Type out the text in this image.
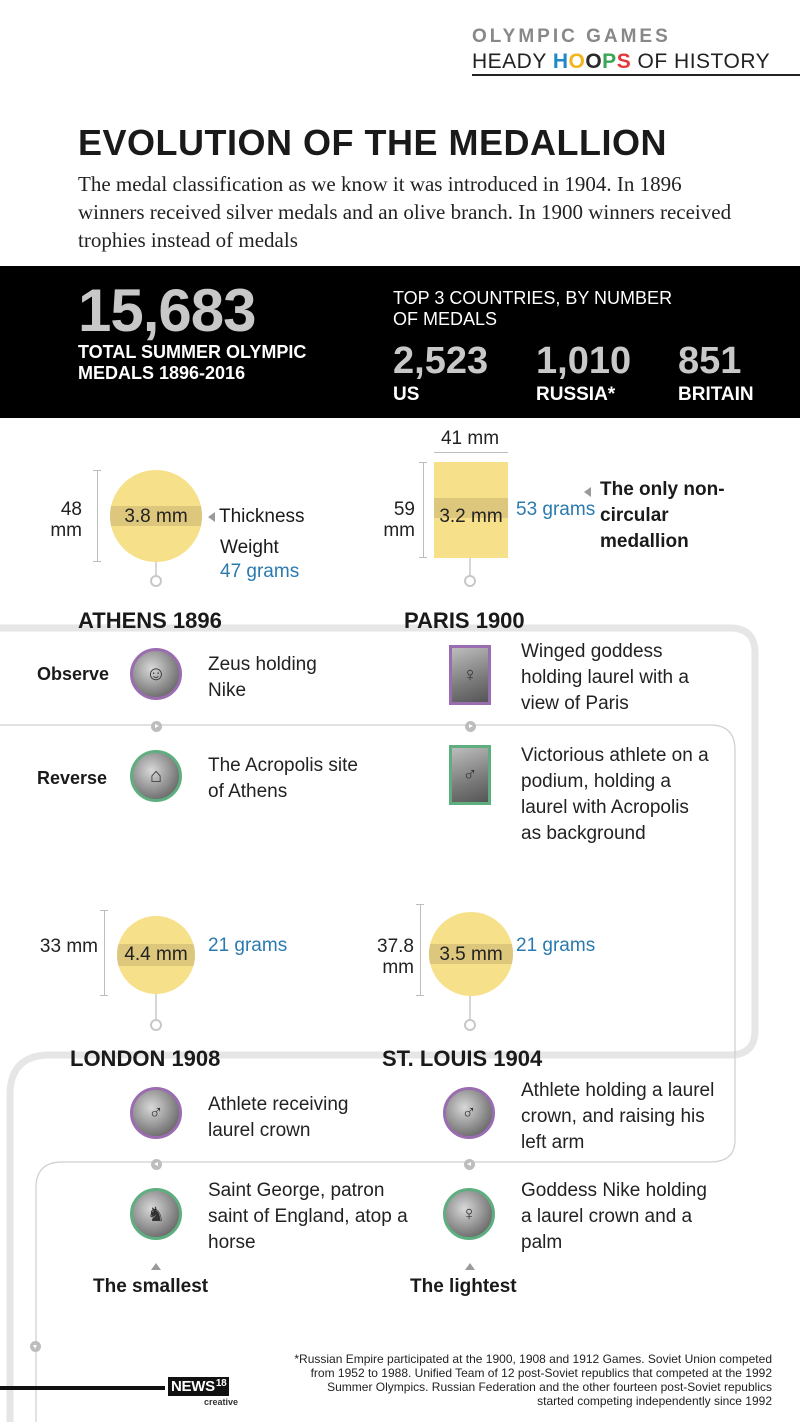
OLYMPIC GAMES
HEADY HOOPS OF HISTORY
EVOLUTION OF THE MEDALLION
The medal classification as we know it was introduced in 1904. In 1896 winners received silver medals and an olive branch. In 1900 winners received trophies instead of medals
15,683
TOTAL SUMMER OLYMPIC MEDALS 1896-2016
TOP 3 COUNTRIES, BY NUMBER OF MEDALS
2,523
US
1,010
RUSSIA*
851
BRITAIN
48 mm
3.8 mm	Thickness
Weight
47 grams
ATHENS 1896
Observe	☺	Zeus holding Nike
Reverse	⌂	The Acropolis site of Athens
41 mm
59 mm
3.2 mm 53 grams
The only non-circular medallion
PARIS 1900
♀
Winged goddess holding laurel with a view of Paris
♂
Victorious athlete on a podium, holding a laurel with Acropolis as background
33 mm	4.4 mm	21 grams
LONDON 1908
♂	Athlete receiving laurel crown
♞
Saint George, patron saint of England, atop a horse
The smallest
37.8 mm
3.5 mm 21 grams
ST. LOUIS 1904
♂
Athlete holding a laurel crown, and raising his left arm
♀
Goddess Nike holding a laurel crown and a palm
The lightest
NEWS$^{18}$
creative
*Russian Empire participated at the 1900, 1908 and 1912 Games. Soviet Union competed from 1952 to 1988. Unified Team of 12 post-Soviet republics that competed at the 1992 Summer Olympics. Russian Federation and the other fourteen post-Soviet republics started competing independently since 1992
